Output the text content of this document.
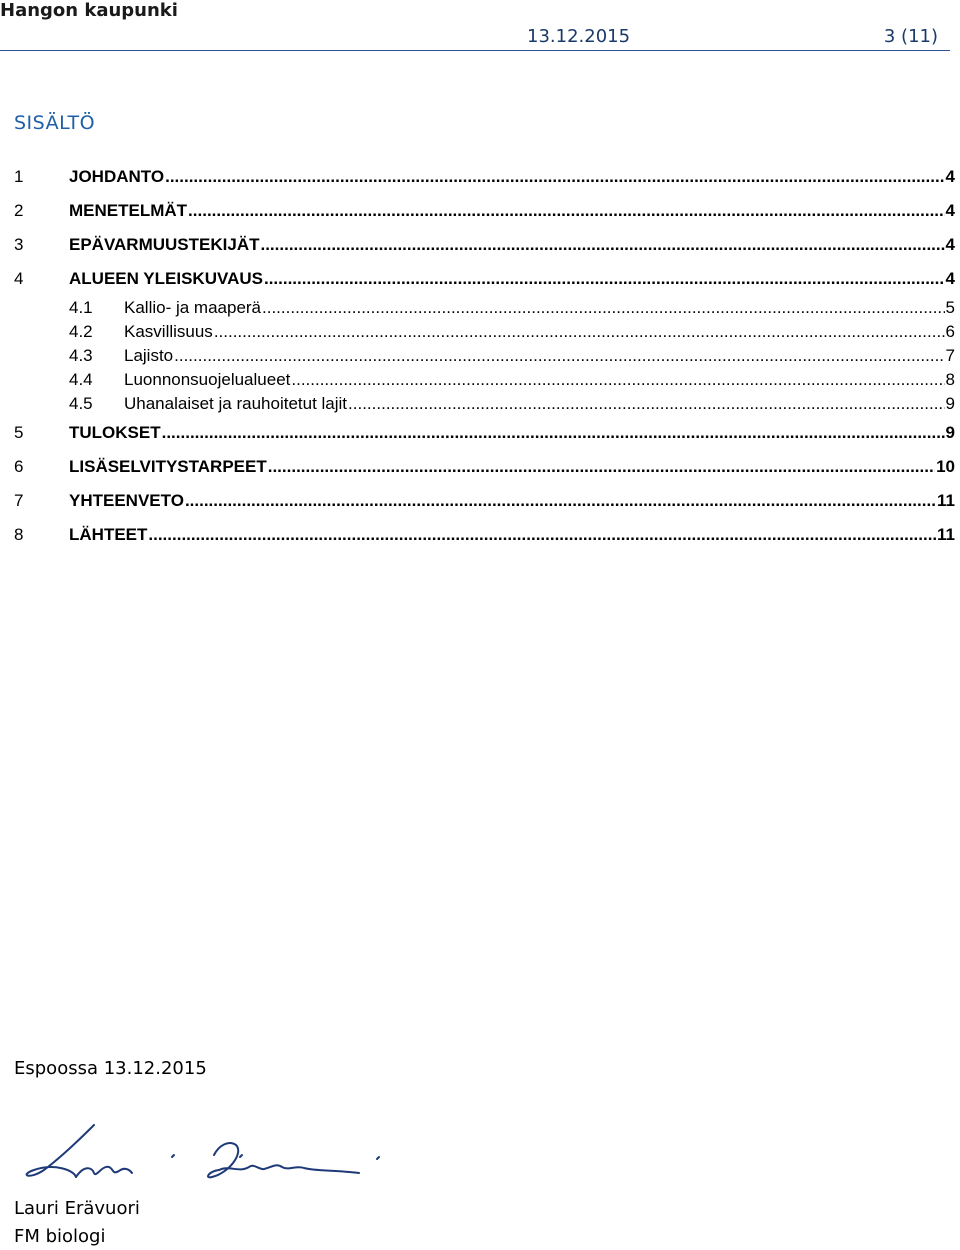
Hangon kaupunki
13.12.2015	3 (11)
SISÄLTÖ
1	JOHDANTO .....	4
2	MENETELMÄT .....	4
3	EPÄVARMUUSTEKIJÄT .....	4
4	ALUEEN YLEISKUVAUS .....	4
4.1	Kallio- ja maaperä .....	5
4.2	Kasvillisuus .....	6
4.3	Lajisto .....	7
4.4	Luonnonsuojelualueet .....	8
4.5	Uhanalaiset ja rauhoitetut lajit .....	9
5	TULOKSET .....	9
6	LISÄSELVITYSTARPEET .....	10
7	YHTEENVETO .....	11
8	LÄHTEET .....	11
Espoossa 13.12.2015
Lauri Erävuori
FM biologi
